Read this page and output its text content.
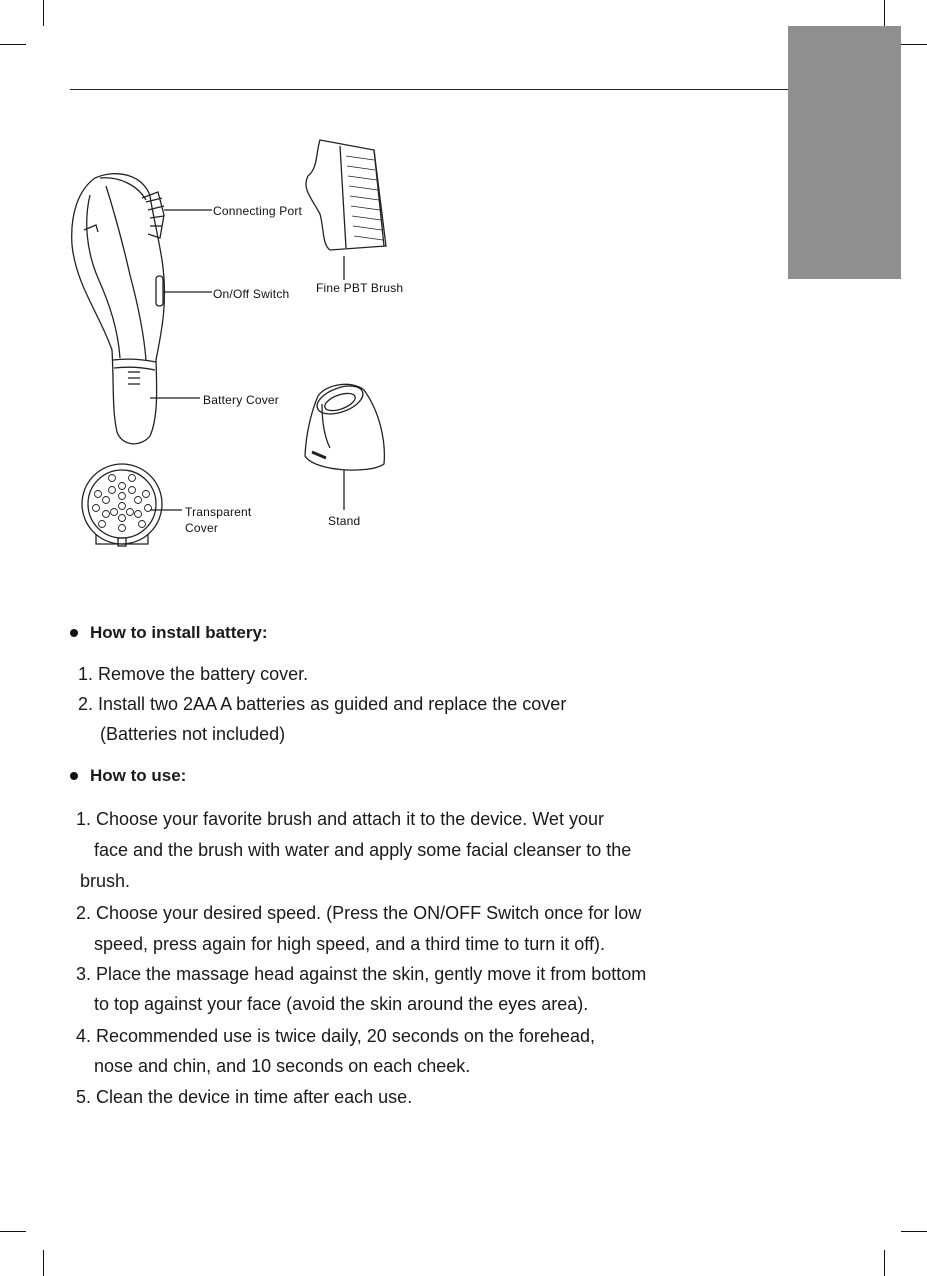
Connecting Port
On/Off Switch
Battery Cover
Fine PBT Brush
Transparent
Cover	Stand
How to install battery:
1. Remove the battery cover.
2. Install two 2AA A batteries as guided and replace the cover
(Batteries not included)
How to use:
1. Choose your favorite brush and attach it to the device. Wet your
face and the brush with water and apply some facial cleanser to the
brush.
2. Choose your desired speed. (Press the ON/OFF Switch once for low
speed, press again for high speed, and a third time to turn it off).
3. Place the massage head against the skin, gently move it from bottom
to top against your face (avoid the skin around the eyes area).
4. Recommended use is twice daily, 20 seconds on the forehead,
nose and chin, and 10 seconds on each cheek.
5. Clean the device in time after each use.
